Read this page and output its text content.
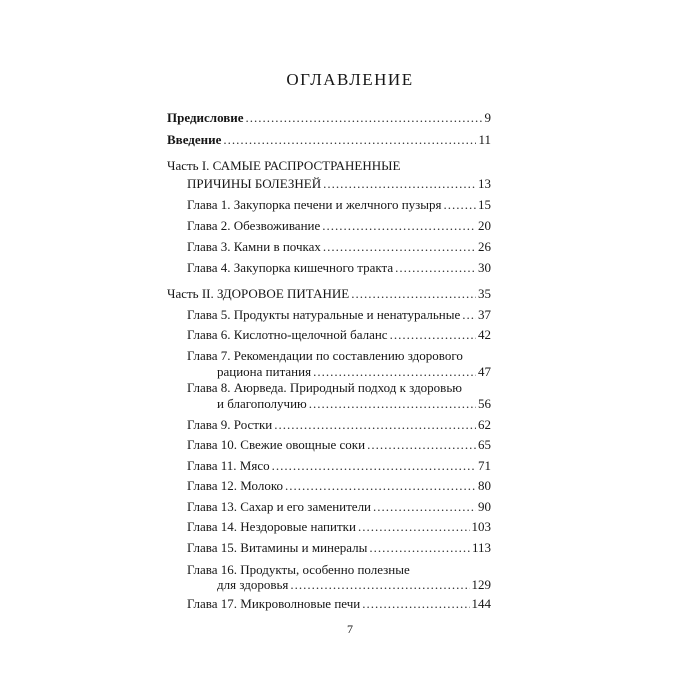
ОГЛАВЛЕНИЕ
Предисловие .....	9
Введение .....	11
Часть I. САМЫЕ РАСПРОСТРАНЕННЫЕ
ПРИЧИНЫ БОЛЕЗНЕЙ .....	13
Глава 1. Закупорка печени и желчного пузыря .....	15
Глава 2. Обезвоживание .....	20
Глава 3. Камни в почках .....	26
Глава 4. Закупорка кишечного тракта .....	30
Часть II. ЗДОРОВОЕ ПИТАНИЕ .....	35
Глава 5. Продукты натуральные и ненатуральные ..... 37
Глава 6. Кислотно-щелочной баланс .....	42
Глава 7. Рекомендации по составлению здорового
рациона питания .....	47
Глава 8. Аюрведа. Природный подход к здоровью
и благополучию .....	56
Глава 9. Ростки .....	62
Глава 10. Свежие овощные соки .....	65
Глава 11. Мясо .....	71
Глава 12. Молоко .....	80
Глава 13. Сахар и его заменители .....	90
Глава 14. Нездоровые напитки .....	103
Глава 15. Витамины и минералы .....	113
Глава 16. Продукты, особенно полезные
для здоровья .....	129
Глава 17. Микроволновые печи .....	144
7
